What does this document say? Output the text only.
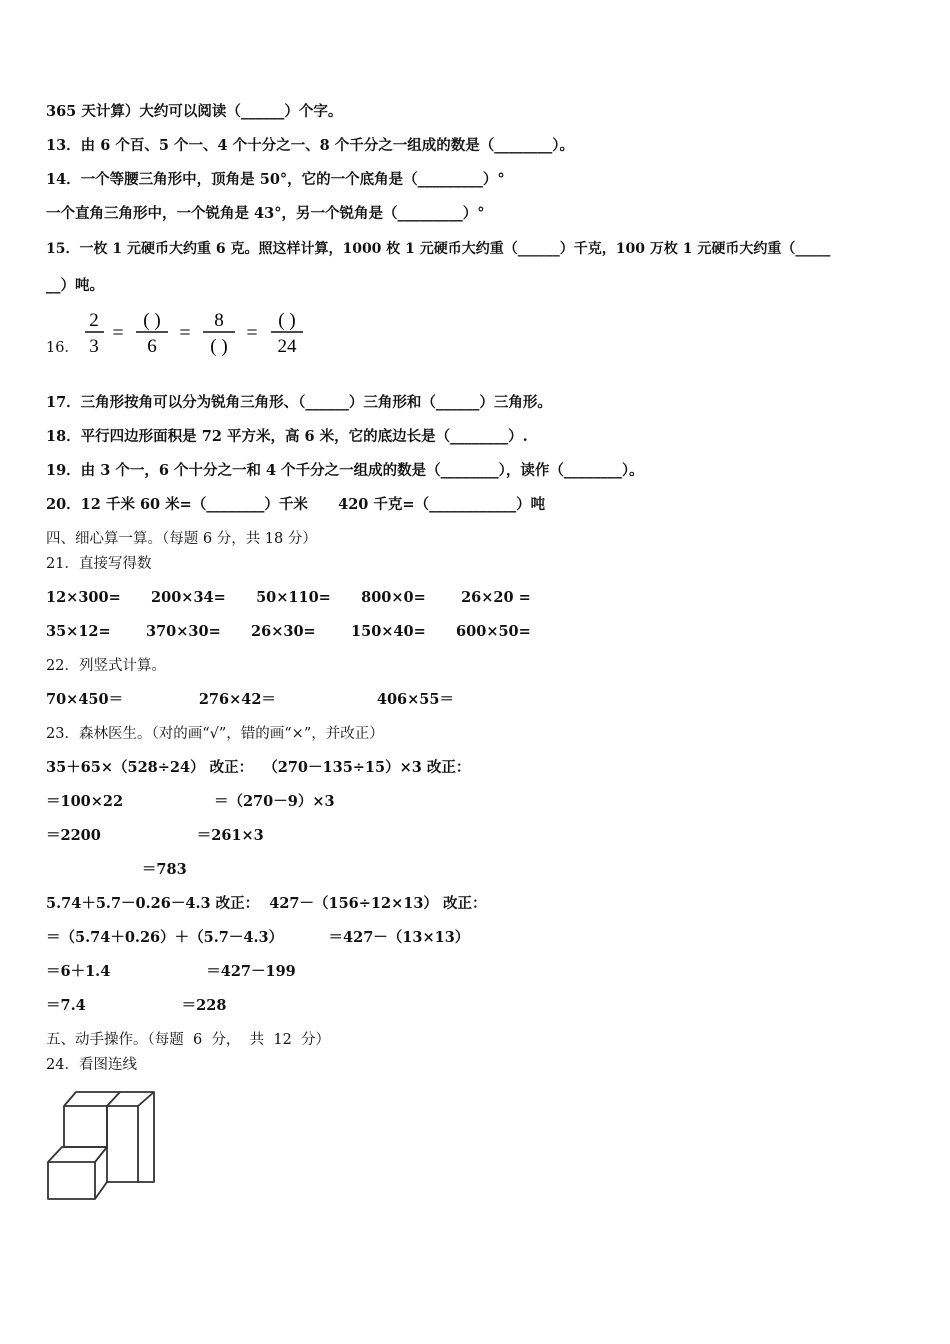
365 天计算）大约可以阅读（______）个字。
13．由 6 个百、5 个一、4 个十分之一、8 个千分之一组成的数是（________）。
14．一个等腰三角形中，顶角是 50°，它的一个底角是（_________）°
一个直角三角形中，一个锐角是 43°，另一个锐角是（_________）°
15．一枚 1 元硬币大约重 6 克。照这样计算，1000 枚 1 元硬币大约重（______）千克，100 万枚 1 元硬币大约重（_____
__）吨。
16．
2
3
=
( )
6
=
8
( )
=
( )
24
17．三角形按角可以分为锐角三角形、（______）三角形和（______）三角形。
18．平行四边形面积是 72 平方米，高 6 米，它的底边长是（________）.
19．由 3 个一，6 个十分之一和 4 个千分之一组成的数是（________），读作（________）。
20．12 千米 60 米=（________）千米      420 千克=（____________）吨
四、细心算一算。（每题 6 分，共 18 分）
21．直接写得数
12×300=      200×34=      50×110=      800×0=       26×20 =
35×12=       370×30=      26×30=       150×40=      600×50=
22．列竖式计算。
70×450＝               276×42＝                    406×55＝
23．森林医生。（对的画“√”，错的画“×”，并改正）
35＋65×（528÷24） 改正：  （270－135÷15）×3 改正：
＝100×22                  ＝（270－9）×3
＝2200                   ＝261×3
＝783
5.74＋5.7－0.26－4.3 改正：  427－（156÷12×13） 改正：
＝（5.74＋0.26）＋（5.7－4.3）         ＝427－（13×13）
＝6＋1.4                   ＝427－199
＝7.4                   ＝228
五、动手操作。（每题  6  分，  共  12  分）
24．看图连线
